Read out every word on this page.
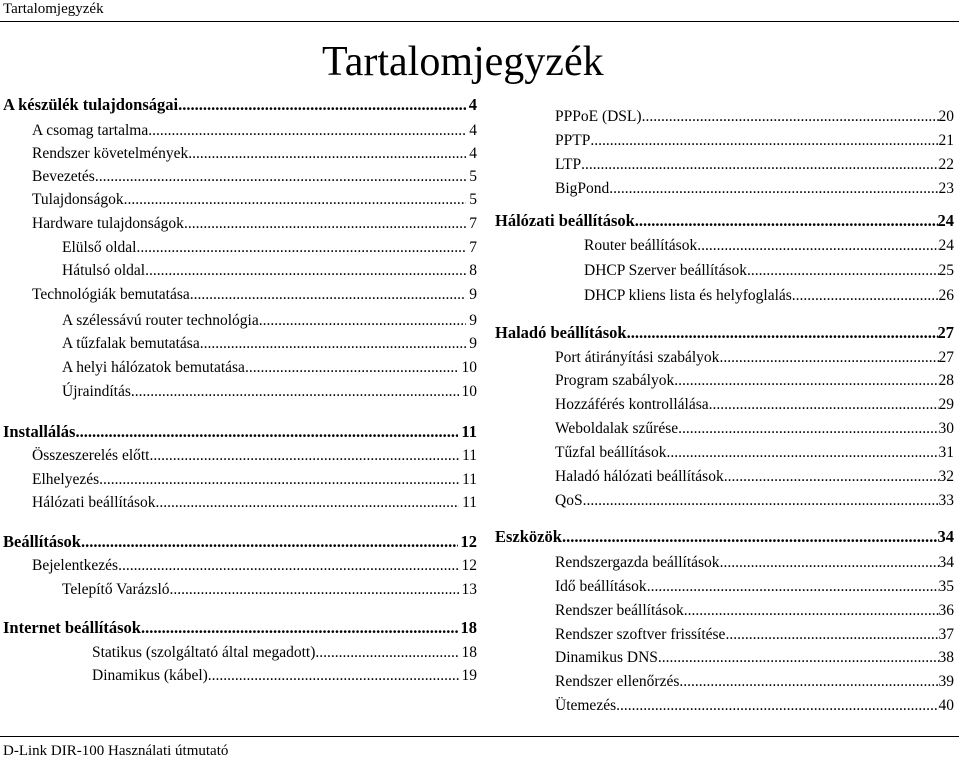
Tartalomjegyzék
Tartalomjegyzék
A készülék tulajdonságai .....	4
A csomag tartalma .....	4
Rendszer követelmények .....	4
Bevezetés .....	5
Tulajdonságok .....	5
Hardware tulajdonságok .....	7
Elülső oldal .....	7
Hátulsó oldal .....	8
Technológiák bemutatása .....	9
A szélessávú router technológia .....	9
A tűzfalak bemutatása .....	9
A helyi hálózatok bemutatása .....	10
Újraindítás .....	10
Installálás .....	11
Összeszerelés előtt .....	11
Elhelyezés .....	11
Hálózati beállítások .....	11
Beállítások .....	12
Bejelentkezés .....	12
Telepítő Varázsló .....	13
Internet beállítások .....	18
Statikus (szolgáltató által megadott) .....	18
Dinamikus (kábel) .....	19
PPPoE (DSL) .....	20
PPTP .....	21
LTP .....	22
BigPond .....	23
Hálózati beállítások .....	24
Router beállítások .....	24
DHCP Szerver beállítások .....	25
DHCP kliens lista és helyfoglalás .....	26
Haladó beállítások .....	27
Port átirányítási szabályok .....	27
Program szabályok .....	28
Hozzáférés kontrollálása .....	29
Weboldalak szűrése .....	30
Tűzfal beállítások .....	31
Haladó hálózati beállítások .....	32
QoS .....	33
Eszközök .....	34
Rendszergazda beállítások .....	34
Idő beállítások .....	35
Rendszer beállítások .....	36
Rendszer szoftver frissítése .....	37
Dinamikus DNS .....	38
Rendszer ellenőrzés .....	39
Ütemezés .....	40
D-Link DIR-100 Használati útmutató
